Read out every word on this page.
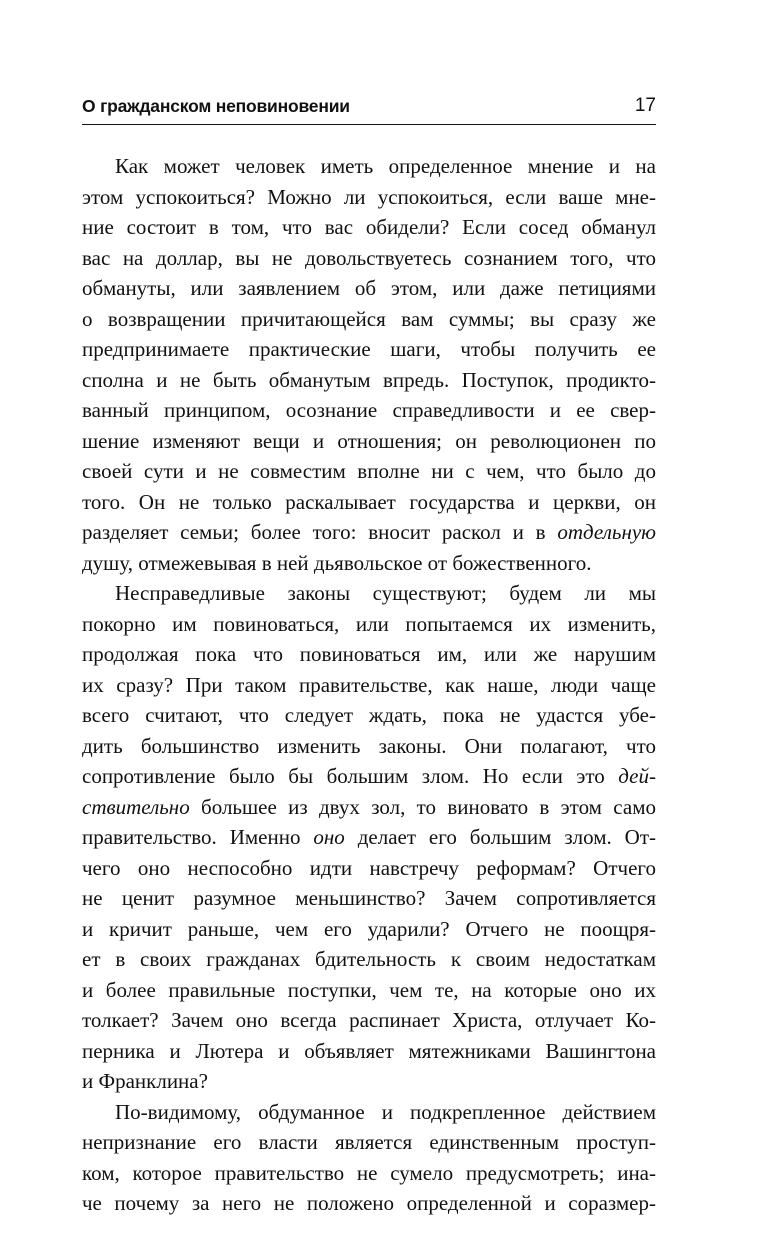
О гражданском неповиновении	17
Как может человек иметь определенное мнение и на
этом успокоиться? Можно ли успокоиться, если ваше мне-
ние состоит в том, что вас обидели? Если сосед обманул
вас на доллар, вы не довольствуетесь сознанием того, что
обмануты, или заявлением об этом, или даже петициями
о возвращении причитающейся вам суммы; вы сразу же
предпринимаете практические шаги, чтобы получить ее
сполна и не быть обманутым впредь. Поступок, продикто-
ванный принципом, осознание справедливости и ее свер-
шение изменяют вещи и отношения; он революционен по
своей сути и не совместим вполне ни с чем, что было до
того. Он не только раскалывает государства и церкви, он
разделяет семьи; более того: вносит раскол и в отдельную
душу, отмежевывая в ней дьявольское от божественного.
Несправедливые законы существуют; будем ли мы
покорно им повиноваться, или попытаемся их изменить,
продолжая пока что повиноваться им, или же нарушим
их сразу? При таком правительстве, как наше, люди чаще
всего считают, что следует ждать, пока не удастся убе-
дить большинство изменить законы. Они полагают, что
сопротивление было бы большим злом. Но если это дей-
ствительно большее из двух зол, то виновато в этом само
правительство. Именно оно делает его большим злом. От-
чего оно неспособно идти навстречу реформам? Отчего
не ценит разумное меньшинство? Зачем сопротивляется
и кричит раньше, чем его ударили? Отчего не поощря-
ет в своих гражданах бдительность к своим недостаткам
и более правильные поступки, чем те, на которые оно их
толкает? Зачем оно всегда распинает Христа, отлучает Ко-
перника и Лютера и объявляет мятежниками Вашингтона
и Франклина?
По-видимому, обдуманное и подкрепленное действием
непризнание его власти является единственным проступ-
ком, которое правительство не сумело предусмотреть; ина-
че почему за него не положено определенной и соразмер-
